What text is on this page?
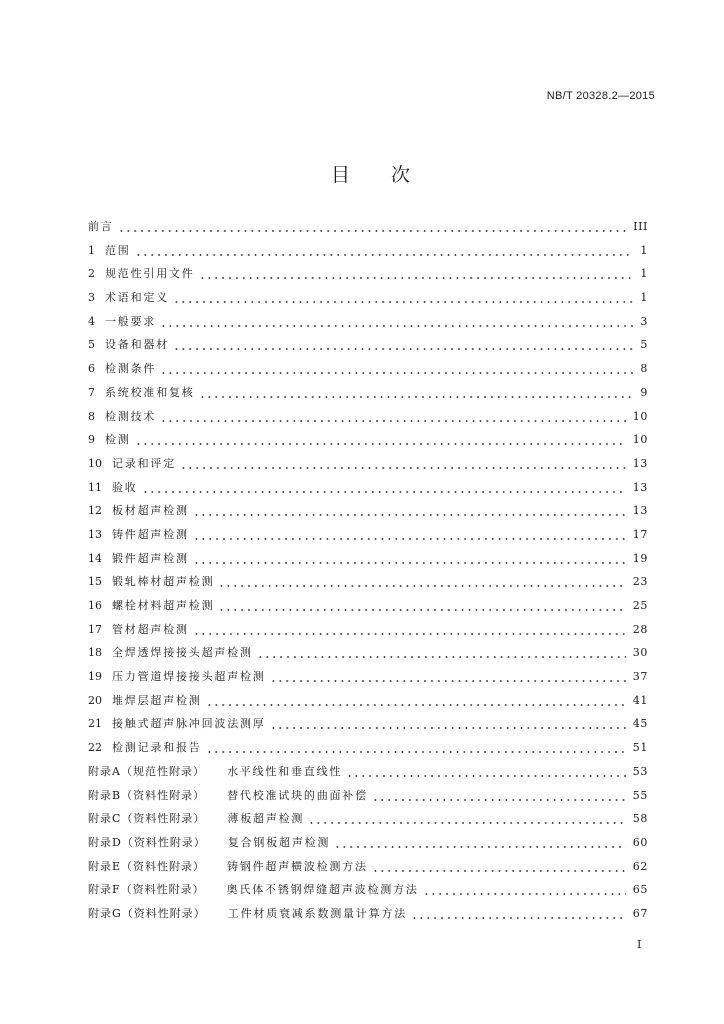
NB/T 20328.2—2015
目　　次
前言	III
1 范围	1
2 规范性引用文件	1
3 术语和定义	1
4 一般要求	3
5 设备和器材	5
6 检测条件	8
7 系统校准和复核	9
8 检测技术	10
9 检测	10
10 记录和评定	13
11 验收	13
12 板材超声检测	13
13 铸件超声检测	17
14 锻件超声检测	19
15 锻轧棒材超声检测	23
16 螺栓材料超声检测	25
17 管材超声检测	28
18 全焊透焊接接头超声检测	30
19 压力管道焊接接头超声检测	37
20 堆焊层超声检测	41
21 接触式超声脉冲回波法测厚	45
22 检测记录和报告	51
附录A（规范性附录）	水平线性和垂直线性	53
附录B（资料性附录）	替代校准试块的曲面补偿	55
附录C（资料性附录）	薄板超声检测	58
附录D（资料性附录）	复合钢板超声检测	60
附录E（资料性附录）	铸钢件超声横波检测方法	62
附录F（资料性附录）	奥氏体不锈钢焊缝超声波检测方法	65
附录G（资料性附录）	工件材质衰减系数测量计算方法	67
I
